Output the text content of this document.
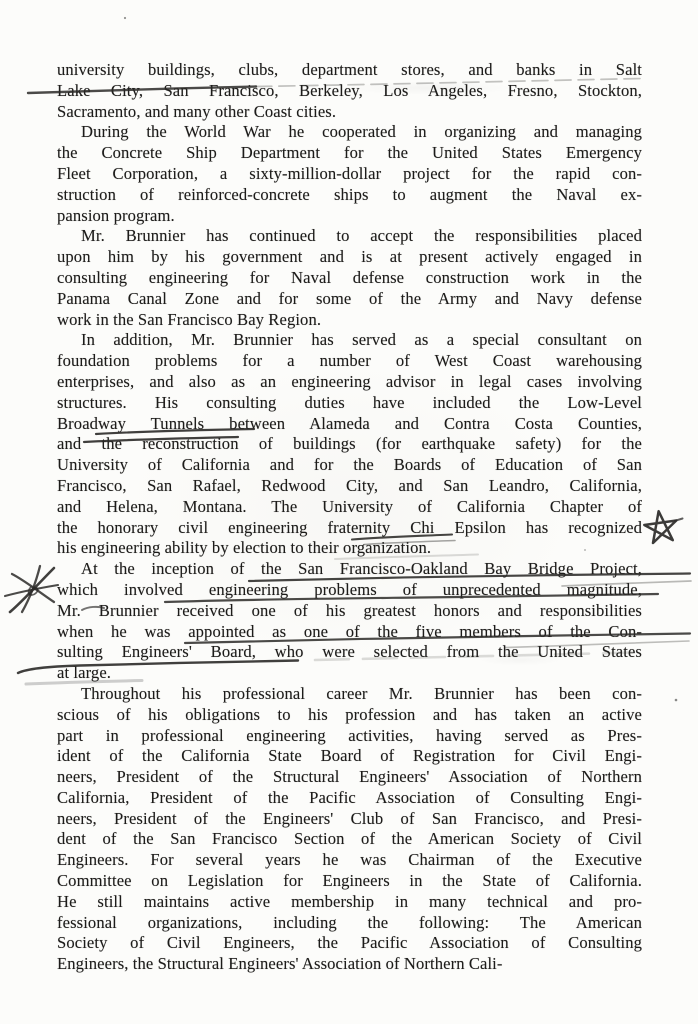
university buildings, clubs, department stores, and banks in Salt
Lake City, San Francisco, Berkeley, Los Angeles, Fresno, Stockton,
Sacramento, and many other Coast cities.
During the World War he cooperated in organizing and managing
the Concrete Ship Department for the United States Emergency
Fleet Corporation, a sixty-million-dollar project for the rapid con-
struction of reinforced-concrete ships to augment the Naval ex-
pansion program.
Mr. Brunnier has continued to accept the responsibilities placed
upon him by his government and is at present actively engaged in
consulting engineering for Naval defense construction work in the
Panama Canal Zone and for some of the Army and Navy defense
work in the San Francisco Bay Region.
In addition, Mr. Brunnier has served as a special consultant on
foundation problems for a number of West Coast warehousing
enterprises, and also as an engineering advisor in legal cases involving
structures. His consulting duties have included the Low-Level
Broadway Tunnels between Alameda and Contra Costa Counties,
and the reconstruction of buildings (for earthquake safety) for the
University of California and for the Boards of Education of San
Francisco, San Rafael, Redwood City, and San Leandro, California,
and Helena, Montana. The University of California Chapter of
the honorary civil engineering fraternity Chi Epsilon has recognized
his engineering ability by election to their organization.
At the inception of the San Francisco-Oakland Bay Bridge Project,
which involved engineering problems of unprecedented magnitude,
Mr. Brunnier received one of his greatest honors and responsibilities
when he was appointed as one of the five members of the Con-
sulting Engineers' Board, who were selected from the United States
at large.
Throughout his professional career Mr. Brunnier has been con-
scious of his obligations to his profession and has taken an active
part in professional engineering activities, having served as Pres-
ident of the California State Board of Registration for Civil Engi-
neers, President of the Structural Engineers' Association of Northern
California, President of the Pacific Association of Consulting Engi-
neers, President of the Engineers' Club of San Francisco, and Presi-
dent of the San Francisco Section of the American Society of Civil
Engineers. For several years he was Chairman of the Executive
Committee on Legislation for Engineers in the State of California.
He still maintains active membership in many technical and pro-
fessional organizations, including the following: The American
Society of Civil Engineers, the Pacific Association of Consulting
Engineers, the Structural Engineers' Association of Northern Cali-
